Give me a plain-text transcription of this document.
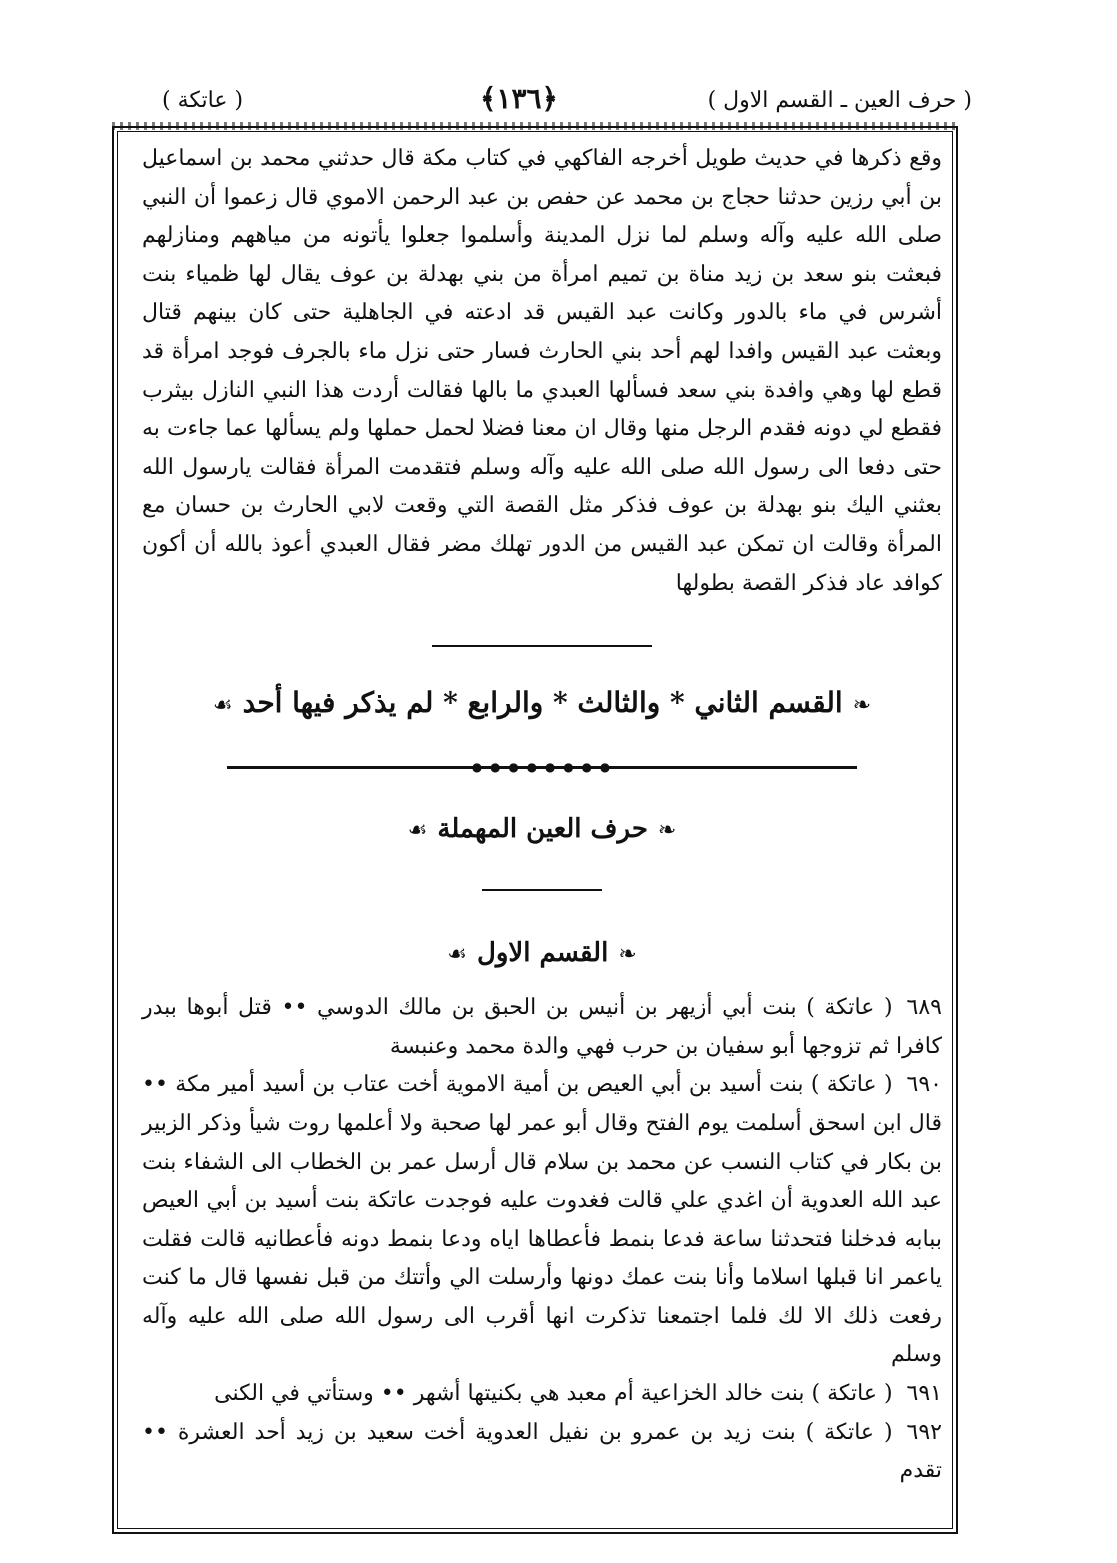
( حرف العين ـ القسم الاول )
﴿١٣٦﴾
( عاتكة )

وقع ذكرها في حديث طويل أخرجه الفاكهي في كتاب مكة قال حدثني محمد بن اسماعيل بن أبي رزين حدثنا حجاج بن محمد عن حفص بن عبد الرحمن الاموي قال زعموا أن النبي صلى الله عليه وآله وسلم لما نزل المدينة وأسلموا جعلوا يأتونه من مياههم ومنازلهم فبعثت بنو سعد بن زيد مناة بن تميم امرأة من بني بهدلة بن عوف يقال لها ظمياء بنت أشرس في ماء بالدور وكانت عبد القيس قد ادعته في الجاهلية حتى كان بينهم قتال وبعثت عبد القيس وافدا لهم أحد بني الحارث فسار حتى نزل ماء بالجرف فوجد امرأة قد قطع لها وهي وافدة بني سعد فسألها العبدي ما بالها فقالت أردت هذا النبي النازل بيثرب فقطع لي دونه فقدم الرجل منها وقال ان معنا فضلا لحمل حملها ولم يسألها عما جاءت به حتى دفعا الى رسول الله صلى الله عليه وآله وسلم فتقدمت المرأة فقالت يارسول الله بعثني اليك بنو بهدلة بن عوف فذكر مثل القصة التي وقعت لابي الحارث بن حسان مع المرأة وقالت ان تمكن عبد القيس من الدور تهلك مضر فقال العبدي أعوذ بالله أن أكون كوافد عاد فذكر القصة بطولها

❧القسم الثاني * والثالث * والرابع * لم يذكر فيها أحد☙
● ● ● ● ● ● ● ●
❧حرف العين المهملة☙
❧القسم الاول☙

٦٨٩( عاتكة ) بنت أبي أزيهر بن أنيس بن الحبق بن مالك الدوسي •• قتل أبوها ببدر كافرا ثم تزوجها أبو سفيان بن حرب فهي والدة محمد وعنبسة

٦٩٠( عاتكة ) بنت أسيد بن أبي العيص بن أمية الاموية أخت عتاب بن أسيد أمير مكة •• قال ابن اسحق أسلمت يوم الفتح وقال أبو عمر لها صحبة ولا أعلمها روت شيأ وذكر الزبير بن بكار في كتاب النسب عن محمد بن سلام قال أرسل عمر بن الخطاب الى الشفاء بنت عبد الله العدوية أن اغدي علي قالت فغدوت عليه فوجدت عاتكة بنت أسيد بن أبي العيص ببابه فدخلنا فتحدثنا ساعة فدعا بنمط فأعطاها اياه ودعا بنمط دونه فأعطانيه قالت فقلت ياعمر انا قبلها اسلاما وأنا بنت عمك دونها وأرسلت الي وأتتك من قبل نفسها قال ما كنت رفعت ذلك الا لك فلما اجتمعنا تذكرت انها أقرب الى رسول الله صلى الله عليه وآله وسلم

٦٩١( عاتكة ) بنت خالد الخزاعية أم معبد هي بكنيتها أشهر •• وستأتي في الكنى

٦٩٢( عاتكة ) بنت زيد بن عمرو بن نفيل العدوية أخت سعيد بن زيد أحد العشرة •• تقدم
